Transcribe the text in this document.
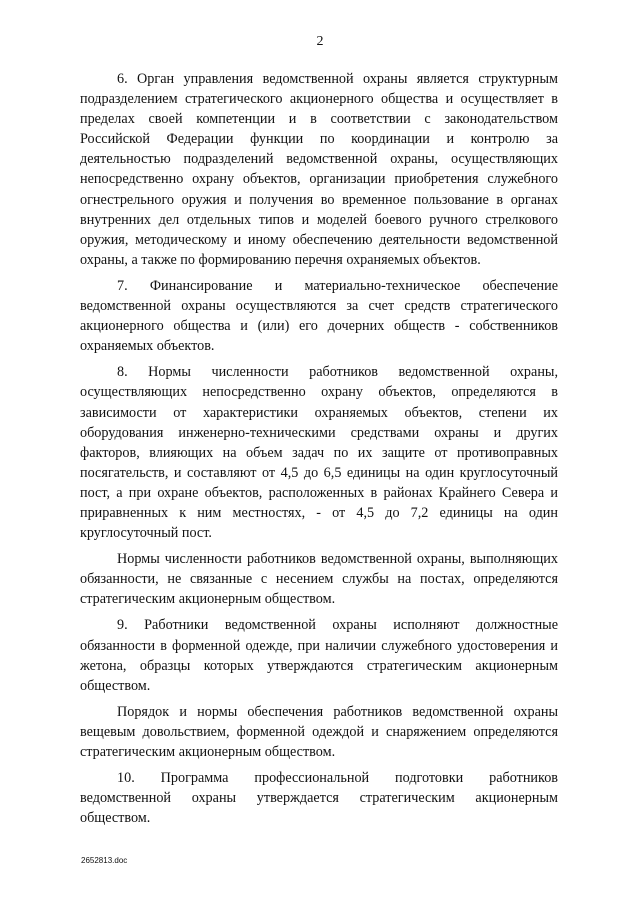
2

6. Орган управления ведомственной охраны является структурным подразделением стратегического акционерного общества и осуществляет в пределах своей компетенции и в соответствии с законодательством Российской Федерации функции по координации и контролю за деятельностью подразделений ведомственной охраны, осуществляющих непосредственно охрану объектов, организации приобретения служебного огнестрельного оружия и получения во временное пользование в органах внутренних дел отдельных типов и моделей боевого ручного стрелкового оружия, методическому и иному обеспечению деятельности ведомственной охраны, а также по формированию перечня охраняемых объектов.

7. Финансирование и материально-техническое обеспечение ведомственной охраны осуществляются за счет средств стратегического акционерного общества и (или) его дочерних обществ - собственников охраняемых объектов.

8. Нормы численности работников ведомственной охраны, осуществляющих непосредственно охрану объектов, определяются в зависимости от характеристики охраняемых объектов, степени их оборудования инженерно-техническими средствами охраны и других факторов, влияющих на объем задач по их защите от противоправных посягательств, и составляют от 4,5 до 6,5 единицы на один круглосуточный пост, а при охране объектов, расположенных в районах Крайнего Севера и приравненных к ним местностях, - от 4,5 до 7,2 единицы на один круглосуточный пост.

Нормы численности работников ведомственной охраны, выполняющих обязанности, не связанные с несением службы на постах, определяются стратегическим акционерным обществом.

9. Работники ведомственной охраны исполняют должностные обязанности в форменной одежде, при наличии служебного удостоверения и жетона, образцы которых утверждаются стратегическим акционерным обществом.

Порядок и нормы обеспечения работников ведомственной охраны вещевым довольствием, форменной одеждой и снаряжением определяются стратегическим акционерным обществом.

10. Программа профессиональной подготовки работников ведомственной охраны утверждается стратегическим акционерным обществом.

2652813.doc
